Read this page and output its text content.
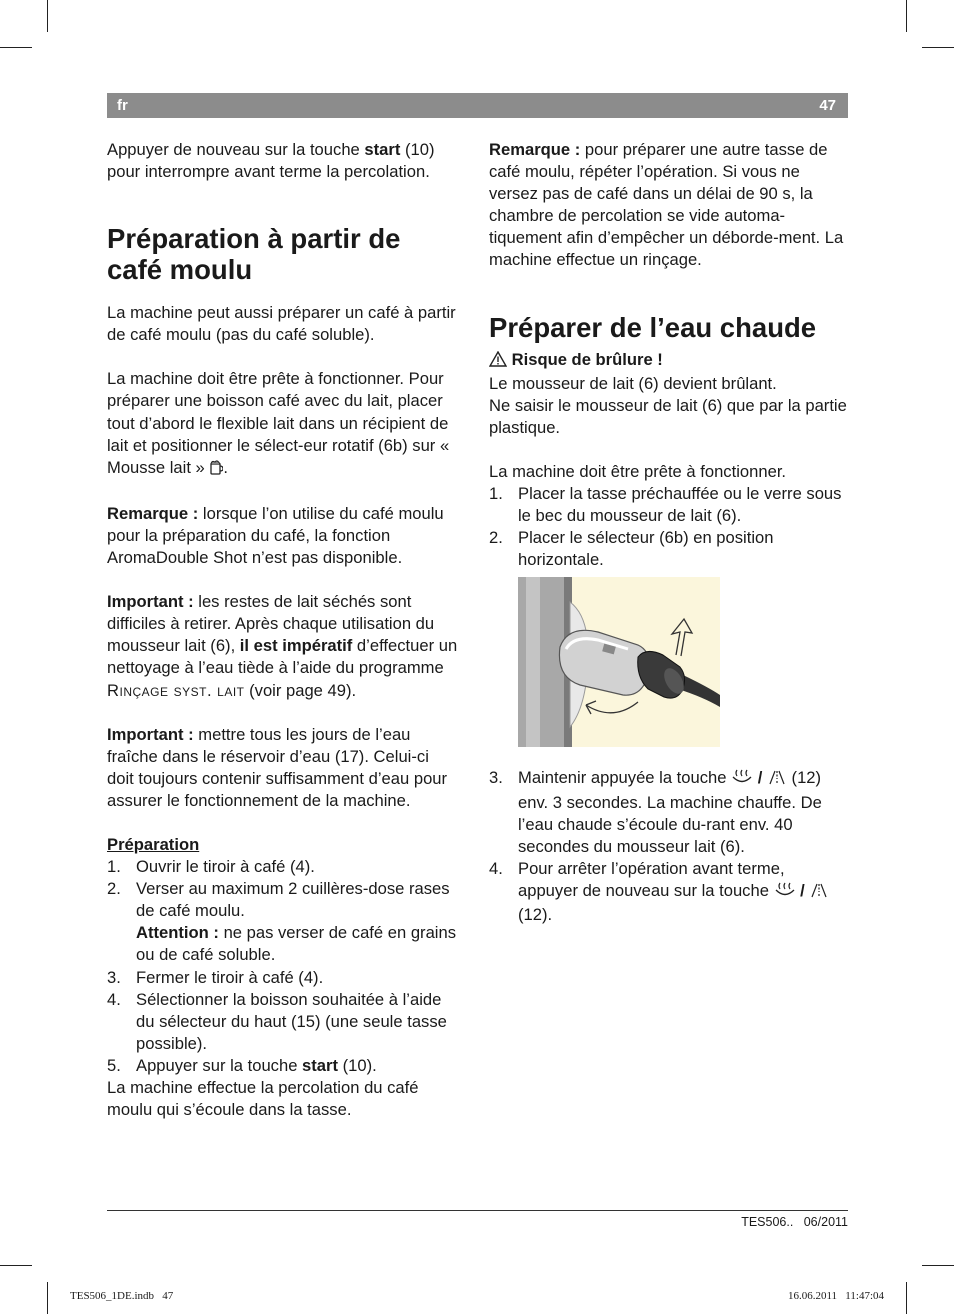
fr	47

Appuyer de nouveau sur la touche start (10) pour interrompre avant terme la percolation.

Préparation à partir de café moulu

La machine peut aussi préparer un café à partir de café moulu (pas du café soluble).

La machine doit être prête à fonctionner. Pour préparer une boisson café avec du lait, placer tout d’abord le flexible lait dans un récipient de lait et positionner le sélect-eur rotatif (6b) sur « Mousse lait » .

Remarque : lorsque l’on utilise du café moulu pour la préparation du café, la fonction AromaDouble Shot n’est pas disponible.

Important : les restes de lait séchés sont difficiles à retirer. Après chaque utilisation du mousseur lait (6), il est impératif d’effectuer un nettoyage à l’eau tiède à l’aide du programme Rinçage syst. lait (voir page 49).

Important : mettre tous les jours de l’eau fraîche dans le réservoir d’eau (17). Celui-ci doit toujours contenir suffisamment d’eau pour assurer le fonctionnement de la machine.

Préparation

1. Ouvrir le tiroir à café (4).
2. Verser au maximum 2 cuillères-dose rases de café moulu.
Attention : ne pas verser de café en grains ou de café soluble.
3. Fermer le tiroir à café (4).
4. Sélectionner la boisson souhaitée à l’aide du sélecteur du haut (15) (une seule tasse possible).
5. Appuyer sur la touche start (10).

La machine effectue la percolation du café moulu qui s’écoule dans la tasse.

Remarque : pour préparer une autre tasse de café moulu, répéter l’opération. Si vous ne versez pas de café dans un délai de 90 s, la chambre de percolation se vide automa-tiquement afin d’empêcher un déborde-ment. La machine effectue un rinçage.

Préparer de l’eau chaude

Risque de brûlure !

Le mousseur de lait (6) devient brûlant.

Ne saisir le mousseur de lait (6) que par la partie plastique.

La machine doit être prête à fonctionner.

1. Placer la tasse préchauffée ou le verre sous le bec du mousseur de lait (6).
2. Placer le sélecteur (6b) en position horizontale.
3. Maintenir appuyée la touche  /  (12) env. 3 secondes. La machine chauffe. De l’eau chaude s’écoule du-rant env. 40 secondes du mousseur lait (6).
4. Pour arrêter l’opération avant terme, appuyer de nouveau sur la touche  /  (12).
TES506.. 06/2011
TES506_1DE.indb   47	16.06.2011   11:47:04
